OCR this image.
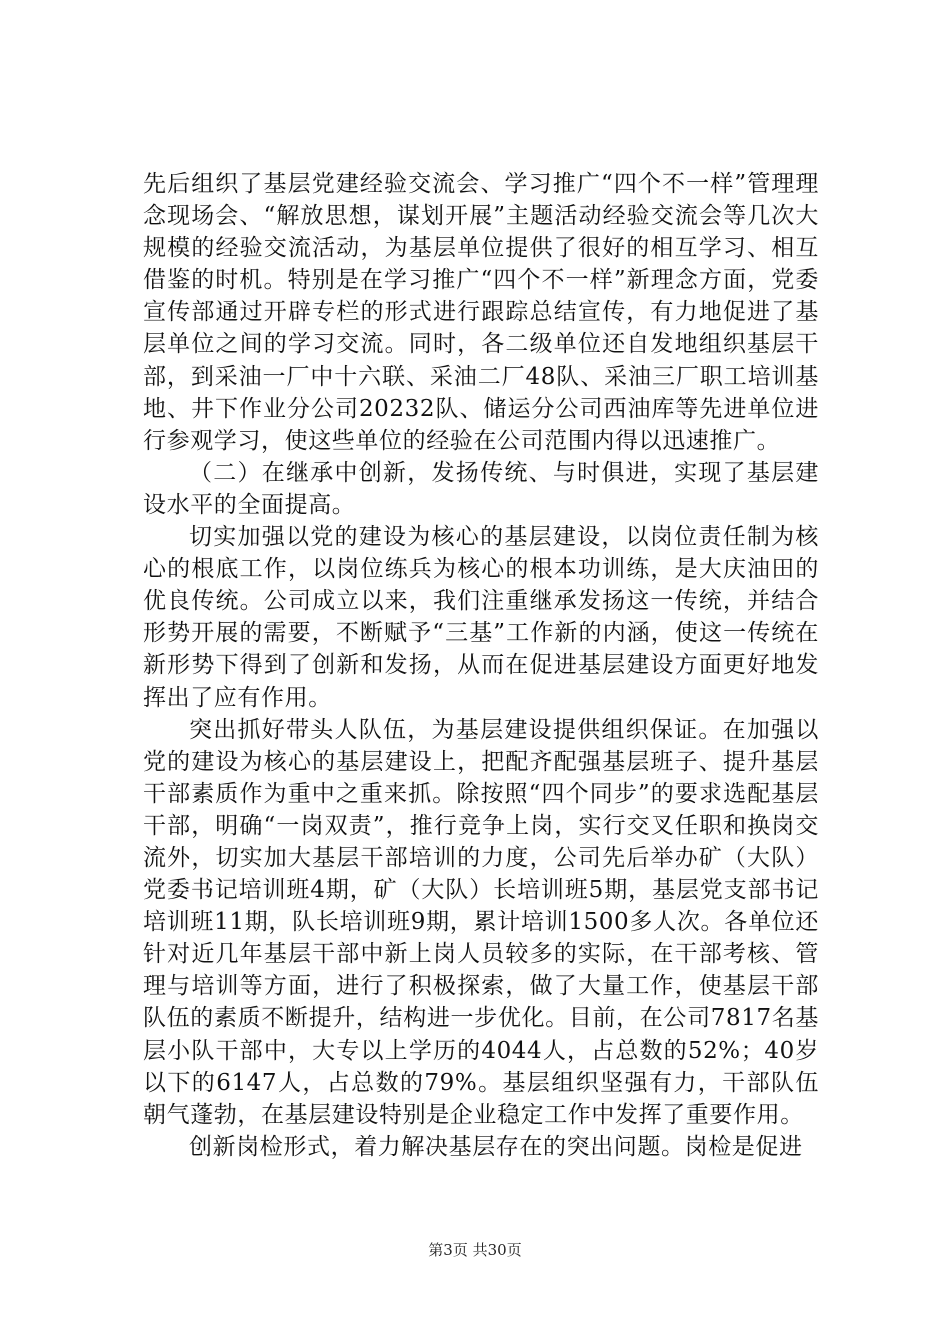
先后组织了基层党建经验交流会、学习推广“四个不一样”管理理念现场会、“解放思想，谋划开展”主题活动经验交流会等几次大规模的经验交流活动，为基层单位提供了很好的相互学习、相互借鉴的时机。特别是在学习推广“四个不一样”新理念方面，党委宣传部通过开辟专栏的形式进行跟踪总结宣传，有力地促进了基层单位之间的学习交流。同时，各二级单位还自发地组织基层干部，到采油一厂中十六联、采油二厂48队、采油三厂职工培训基地、井下作业分公司20232队、储运分公司西油库等先进单位进行参观学习，使这些单位的经验在公司范围内得以迅速推广。

（二）在继承中创新，发扬传统、与时俱进，实现了基层建设水平的全面提高。

切实加强以党的建设为核心的基层建设，以岗位责任制为核心的根底工作，以岗位练兵为核心的根本功训练，是大庆油田的优良传统。公司成立以来，我们注重继承发扬这一传统，并结合形势开展的需要，不断赋予“三基”工作新的内涵，使这一传统在新形势下得到了创新和发扬，从而在促进基层建设方面更好地发挥出了应有作用。

突出抓好带头人队伍，为基层建设提供组织保证。在加强以党的建设为核心的基层建设上，把配齐配强基层班子、提升基层干部素质作为重中之重来抓。除按照“四个同步”的要求选配基层干部，明确“一岗双责”，推行竞争上岗，实行交叉任职和换岗交流外，切实加大基层干部培训的力度，公司先后举办矿（大队）党委书记培训班4期，矿（大队）长培训班5期，基层党支部书记培训班11期，队长培训班9期，累计培训1500多人次。各单位还针对近几年基层干部中新上岗人员较多的实际，在干部考核、管理与培训等方面，进行了积极探索，做了大量工作，使基层干部队伍的素质不断提升，结构进一步优化。目前，在公司7817名基层小队干部中，大专以上学历的4044人，占总数的52%；40岁以下的6147人，占总数的79%。基层组织坚强有力，干部队伍朝气蓬勃，在基层建设特别是企业稳定工作中发挥了重要作用。

创新岗检形式，着力解决基层存在的突出问题。岗检是促进

第3页 共30页
